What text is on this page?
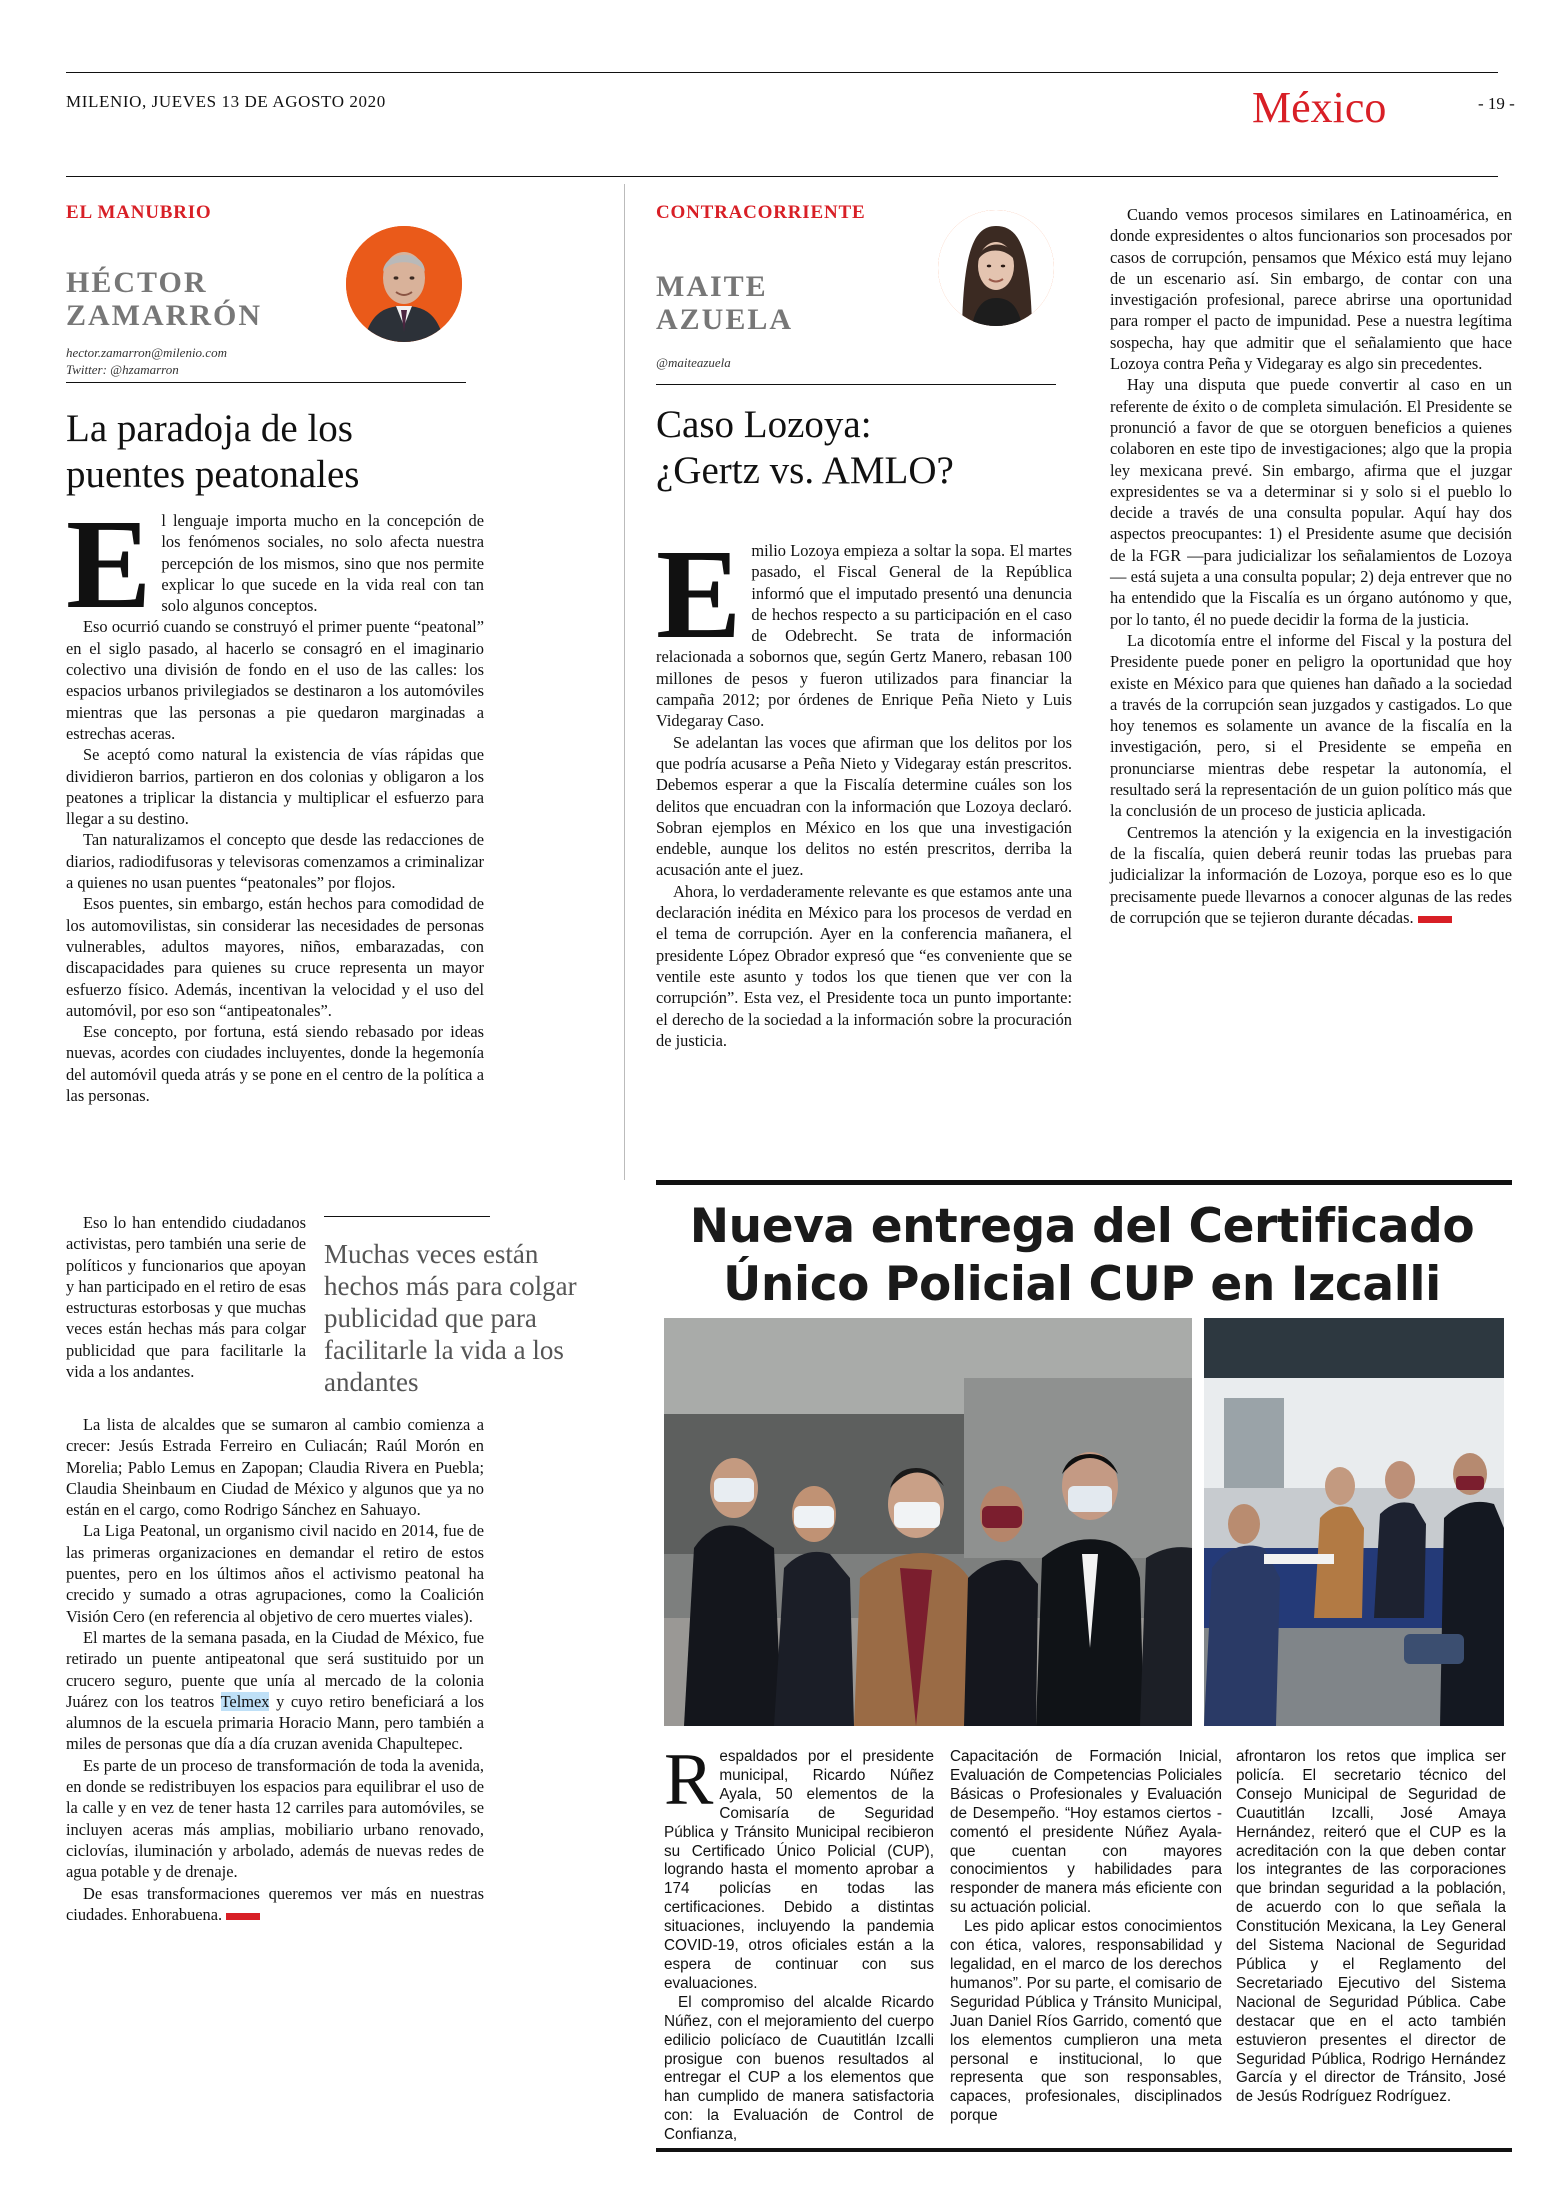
MILENIO, JUEVES 13 DE AGOSTO 2020	México	- 19 -
EL MANUBRIO
HÉCTOR
ZAMARRÓN
hector.zamarron@milenio.com
Twitter: @hzamarron
La paradoja de los
puentes peatonales

El lenguaje importa mucho en la concepción de los fenómenos sociales, no solo afecta nuestra percepción de los mismos, sino que nos permite explicar lo que sucede en la vida real con tan solo algunos conceptos.

Eso ocurrió cuando se construyó el primer puente “peatonal” en el siglo pasado, al hacerlo se consagró en el imaginario colectivo una división de fondo en el uso de las calles: los espacios urbanos privilegiados se destinaron a los automóviles mientras que las personas a pie quedaron marginadas a estrechas aceras.

Se aceptó como natural la existencia de vías rápidas que dividieron barrios, partieron en dos colonias y obligaron a los peatones a triplicar la distancia y multiplicar el esfuerzo para llegar a su destino.

Tan naturalizamos el concepto que desde las redacciones de diarios, radiodifusoras y televisoras comenzamos a criminalizar a quienes no usan puentes “peatonales” por flojos.

Esos puentes, sin embargo, están hechos para comodidad de los automovilistas, sin considerar las necesidades de personas vulnerables, adultos mayores, niños, embarazadas, con discapacidades para quienes su cruce representa un mayor esfuerzo físico. Además, incentivan la velocidad y el uso del automóvil, por eso son “antipeatonales”.

Ese concepto, por fortuna, está siendo rebasado por ideas nuevas, acordes con ciudades incluyentes, donde la hegemonía del automóvil queda atrás y se pone en el centro de la política a las personas.

Eso lo han entendido ciudadanos activistas, pero también una serie de políticos y funcionarios que apoyan y han participado en el retiro de esas estructuras estorbosas y que muchas veces están hechas más para colgar publicidad que para facilitarle la vida a los andantes.

La lista de alcaldes que se sumaron al cambio comienza a crecer: Jesús Estrada Ferreiro en Culiacán; Raúl Morón en Morelia; Pablo Lemus en Zapopan; Claudia Rivera en Puebla; Claudia Sheinbaum en Ciudad de México y algunos que ya no están en el cargo, como Rodrigo Sánchez en Sahuayo.

La Liga Peatonal, un organismo civil nacido en 2014, fue de las primeras organizaciones en demandar el retiro de estos puentes, pero en los últimos años el activismo peatonal ha crecido y sumado a otras agrupaciones, como la Coalición Visión Cero (en referencia al objetivo de cero muertes viales).

El martes de la semana pasada, en la Ciudad de México, fue retirado un puente antipeatonal que será sustituido por un crucero seguro, puente que unía al mercado de la colonia Juárez con los teatros Telmex y cuyo retiro beneficiará a los alumnos de la escuela primaria Horacio Mann, pero también a miles de personas que día a día cruzan avenida Chapultepec.

Es parte de un proceso de transformación de toda la avenida, en donde se redistribuyen los espacios para equilibrar el uso de la calle y en vez de tener hasta 12 carriles para automóviles, se incluyen aceras más amplias, mobiliario urbano renovado, ciclovías, iluminación y arbolado, además de nuevas redes de agua potable y de drenaje.

De esas transformaciones queremos ver más en nuestras ciudades. Enhorabuena.

Muchas veces están hechos más para colgar publicidad que para facilitarle la vida a los andantes
CONTRACORRIENTE
MAITE
AZUELA
@maiteazuela
Caso Lozoya:
¿Gertz vs. AMLO?

Emilio Lozoya empieza a soltar la sopa. El martes pasado, el Fiscal General de la República informó que el imputado presentó una denuncia de hechos respecto a su participación en el caso de Odebrecht. Se trata de información relacionada a sobornos que, según Gertz Manero, rebasan 100 millones de pesos y fueron utilizados para financiar la campaña 2012; por órdenes de Enrique Peña Nieto y Luis Videgaray Caso.

Se adelantan las voces que afirman que los delitos por los que podría acusarse a Peña Nieto y Videgaray están prescritos. Debemos esperar a que la Fiscalía determine cuáles son los delitos que encuadran con la información que Lozoya declaró. Sobran ejemplos en México en los que una investigación endeble, aunque los delitos no estén prescritos, derriba la acusación ante el juez.

Ahora, lo verdaderamente relevante es que estamos ante una declaración inédita en México para los procesos de verdad en el tema de corrupción. Ayer en la conferencia mañanera, el presidente López Obrador expresó que “es conveniente que se ventile este asunto y todos los que tienen que ver con la corrupción”. Esta vez, el Presidente toca un punto importante: el derecho de la sociedad a la información sobre la procuración de justicia.

Cuando vemos procesos similares en Latinoamérica, en donde expresidentes o altos funcionarios son procesados por casos de corrupción, pensamos que México está muy lejano de un escenario así. Sin embargo, de contar con una investigación profesional, parece abrirse una oportunidad para romper el pacto de impunidad. Pese a nuestra legítima sospecha, hay que admitir que el señalamiento que hace Lozoya contra Peña y Videgaray es algo sin precedentes.

Hay una disputa que puede convertir al caso en un referente de éxito o de completa simulación. El Presidente se pronunció a favor de que se otorguen beneficios a quienes colaboren en este tipo de investigaciones; algo que la propia ley mexicana prevé. Sin embargo, afirma que el juzgar expresidentes se va a determinar si y solo si el pueblo lo decide a través de una consulta popular. Aquí hay dos aspectos preocupantes: 1) el Presidente asume que decisión de la FGR —para judicializar los señalamientos de Lozoya— está sujeta a una consulta popular; 2) deja entrever que no ha entendido que la Fiscalía es un órgano autónomo y que, por lo tanto, él no puede decidir la forma de la justicia.

La dicotomía entre el informe del Fiscal y la postura del Presidente puede poner en peligro la oportunidad que hoy existe en México para que quienes han dañado a la sociedad a través de la corrupción sean juzgados y castigados. Lo que hoy tenemos es solamente un avance de la fiscalía en la investigación, pero, si el Presidente se empeña en pronunciarse mientras debe respetar la autonomía, el resultado será la representación de un guion político más que la conclusión de un proceso de justicia aplicada.

Centremos la atención y la exigencia en la investigación de la fiscalía, quien deberá reunir todas las pruebas para judicializar la información de Lozoya, porque eso es lo que precisamente puede llevarnos a conocer algunas de las redes de corrupción que se tejieron durante décadas.

Nueva entrega del Certificado
Único Policial CUP en Izcalli

Respaldados por el presidente municipal, Ricardo Núñez Ayala, 50 elementos de la Comisaría de Seguridad Pública y Tránsito Municipal recibieron su Certificado Único Policial (CUP), logrando hasta el momento aprobar a 174 policías en todas las certificaciones. Debido a distintas situaciones, incluyendo la pandemia COVID-19, otros oficiales están a la espera de continuar con sus evaluaciones.

El compromiso del alcalde Ricardo Núñez, con el mejoramiento del cuerpo edilicio policíaco de Cuautitlán Izcalli prosigue con buenos resultados al entregar el CUP a los elementos que han cumplido de manera satisfactoria con: la Evaluación de Control de Confianza,

Capacitación de Formación Inicial, Evaluación de Competencias Policiales Básicas o Profesionales y Evaluación de Desempeño. “Hoy estamos ciertos -comentó el presidente Núñez Ayala- que cuentan con mayores conocimientos y habilidades para responder de manera más eficiente con su actuación policial.

Les pido aplicar estos conocimientos con ética, valores, responsabilidad y legalidad, en el marco de los derechos humanos”. Por su parte, el comisario de Seguridad Pública y Tránsito Municipal, Juan Daniel Ríos Garrido, comentó que los elementos cumplieron una meta personal e institucional, lo que representa que son responsables, capaces, profesionales, disciplinados porque

afrontaron los retos que implica ser policía. El secretario técnico del Consejo Municipal de Seguridad de Cuautitlán Izcalli, José Amaya Hernández, reiteró que el CUP es la acreditación con la que deben contar los integrantes de las corporaciones que brindan seguridad a la población, de acuerdo con lo que señala la Constitución Mexicana, la Ley General del Sistema Nacional de Seguridad Pública y el Reglamento del Secretariado Ejecutivo del Sistema Nacional de Seguridad Pública. Cabe destacar que en el acto también estuvieron presentes el director de Seguridad Pública, Rodrigo Hernández García y el director de Tránsito, José de Jesús Rodríguez Rodríguez.
